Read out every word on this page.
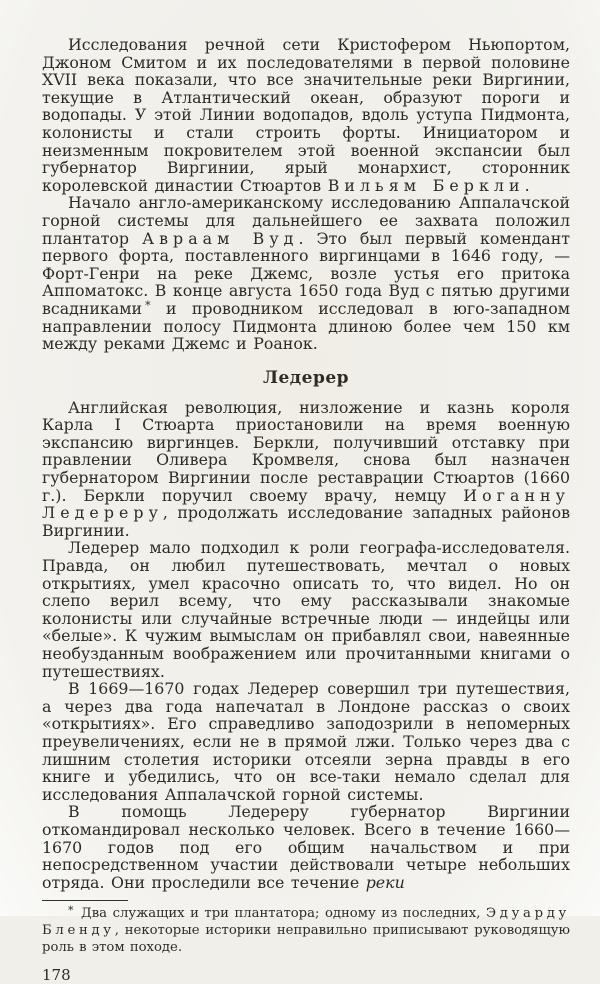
Исследования речной сети Кристофером Ньюпортом, Джоном Смитом и их последователями в первой половине XVII века показали, что все значительные реки Виргинии, текущие в Атлантический океан, образуют пороги и водопады. У этой Линии водопадов, вдоль уступа Пидмонта, колонисты и стали строить форты. Инициатором и неизменным покровителем этой военной экспансии был губернатор Виргинии, ярый монархист, сторонник королевской династии Стюартов Вильям Беркли.

Начало англо-американскому исследованию Аппалачской горной системы для дальнейшего ее захвата положил плантатор Авраам Вуд. Это был первый комендант первого форта, поставленного виргинцами в 1646 году, — Форт-Генри на реке Джемс, возле устья его притока Аппоматокс. В конце августа 1650 года Вуд с пятью другими всадниками * и проводником исследовал в юго-западном направлении полосу Пидмонта длиною более чем 150 км между реками Джемс и Роанок.

Ледерер

Английская революция, низложение и казнь короля Карла I Стюарта приостановили на время военную экспансию виргинцев. Беркли, получивший отставку при правлении Оливера Кромвеля, снова был назначен губернатором Виргинии после реставрации Стюартов (1660 г.). Беркли поручил своему врачу, немцу Иоганну Ледереру, продолжать исследование западных районов Виргинии.

Ледерер мало подходил к роли географа-исследователя. Правда, он любил путешествовать, мечтал о новых открытиях, умел красочно описать то, что видел. Но он слепо верил всему, что ему рассказывали знакомые колонисты или случайные встречные люди — индейцы или «белые». К чужим вымыслам он прибавлял свои, навеянные необузданным воображением или прочитанными книгами о путешествиях.

В 1669—1670 годах Ледерер совершил три путешествия, а через два года напечатал в Лондоне рассказ о своих «открытиях». Его справедливо заподозрили в непомерных преувеличениях, если не в прямой лжи. Только через два с лишним столетия историки отсеяли зерна правды в его книге и убедились, что он все-таки немало сделал для исследования Аппалачской горной системы.

В помощь Ледереру губернатор Виргинии откомандировал несколько человек. Всего в течение 1660—1670 годов под его общим начальством и при непосредственном участии действовали четыре небольших отряда. Они проследили все течение реки

* Два служащих и три плантатора; одному из последних, Эдуарду Бленду, некоторые историки неправильно приписывают руководящую роль в этом походе.

178
